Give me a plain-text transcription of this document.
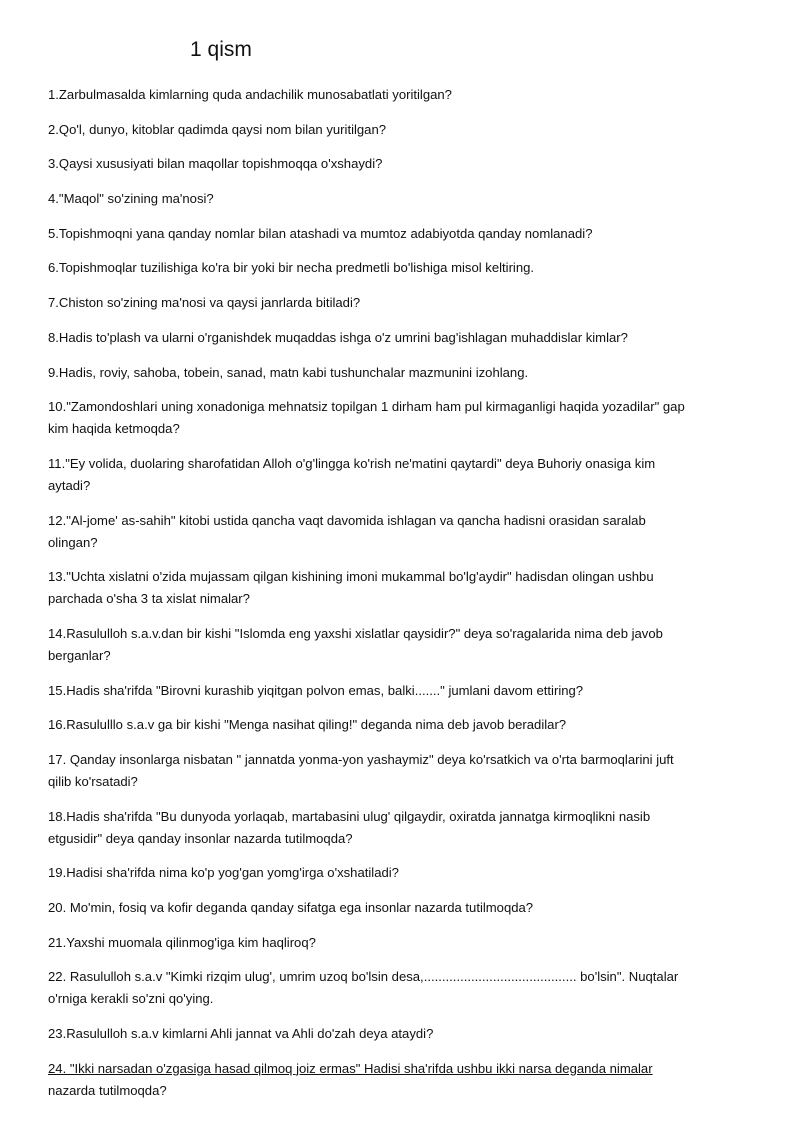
1 qism
1.Zarbulmasalda kimlarning quda andachilik munosabatlati yoritilgan?
2.Qo'l, dunyo, kitoblar qadimda qaysi nom bilan yuritilgan?
3.Qaysi xususiyati bilan maqollar topishmoqqa o'xshaydi?
4."Maqol" so'zining ma'nosi?
5.Topishmoqni yana qanday nomlar bilan atashadi va mumtoz adabiyotda qanday nomlanadi?
6.Topishmoqlar tuzilishiga ko'ra bir yoki bir necha predmetli bo'lishiga misol keltiring.
7.Chiston so'zining ma'nosi va qaysi janrlarda bitiladi?
8.Hadis to'plash va ularni o'rganishdek muqaddas ishga o'z umrini bag'ishlagan muhaddislar kimlar?
9.Hadis, roviy, sahoba, tobein, sanad, matn kabi tushunchalar mazmunini izohlang.
10."Zamondoshlari uning xonadoniga mehnatsiz topilgan 1 dirham ham pul kirmaganligi haqida yozadilar" gap kim haqida ketmoqda?
11."Ey volida, duolaring sharofatidan Alloh o'g'lingga ko'rish ne'matini qaytardi" deya Buhoriy onasiga kim aytadi?
12."Al-jome' as-sahih" kitobi ustida qancha vaqt davomida ishlagan va qancha hadisni orasidan saralab olingan?
13."Uchta xislatni o'zida mujassam qilgan kishining imoni mukammal bo'lg'aydir" hadisdan olingan ushbu parchada o'sha 3 ta xislat nimalar?
14.Rasululloh s.a.v.dan bir kishi "Islomda eng yaxshi xislatlar qaysidir?" deya so'ragalarida nima deb javob berganlar?
15.Hadis sha'rifda "Birovni kurashib yiqitgan polvon emas, balki......." jumlani davom ettiring?
16.Rasululllo s.a.v ga bir kishi "Menga nasihat qiling!" deganda nima deb javob beradilar?
17. Qanday insonlarga nisbatan " jannatda yonma-yon yashaymiz" deya ko'rsatkich va o'rta barmoqlarini juft qilib ko'rsatadi?
18.Hadis sha'rifda "Bu dunyoda yorlaqab, martabasini ulug' qilgaydir, oxiratda jannatga kirmoqlikni nasib etgusidir" deya qanday insonlar nazarda tutilmoqda?
19.Hadisi sha'rifda nima ko'p yog'gan yomg'irga o'xshatiladi?
20. Mo'min, fosiq va kofir deganda qanday sifatga ega insonlar nazarda tutilmoqda?
21.Yaxshi muomala qilinmog'iga kim haqliroq?
22. Rasululloh s.a.v "Kimki rizqim ulug', umrim uzoq bo'lsin desa,.......................................... bo'lsin". Nuqtalar o'rniga kerakli so'zni qo'ying.
23.Rasululloh s.a.v kimlarni Ahli jannat va Ahli do'zah deya ataydi?
24. "Ikki narsadan o'zgasiga hasad qilmoq joiz ermas" Hadisi sha'rifda ushbu ikki narsa deganda nimalar
nazarda tutilmoqda?
